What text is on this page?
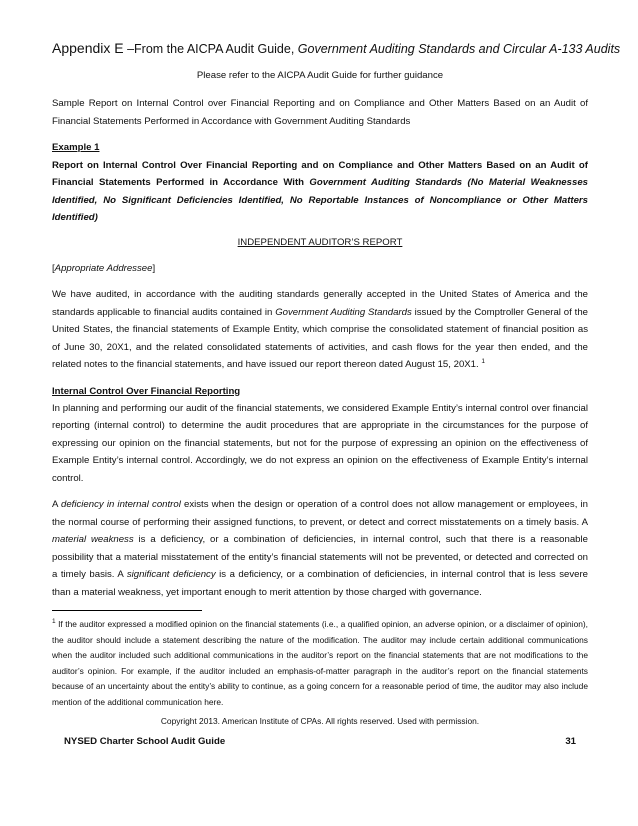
Appendix E –From the AICPA Audit Guide, Government Auditing Standards and Circular A-133 Audits
Please refer to the AICPA Audit Guide for further guidance

Sample Report on Internal Control over Financial Reporting and on Compliance and Other Matters Based on an Audit of Financial Statements Performed in Accordance with Government Auditing Standards

Example 1
Report on Internal Control Over Financial Reporting and on Compliance and Other Matters Based on an Audit of Financial Statements Performed in Accordance With Government Auditing Standards (No Material Weaknesses Identified, No Significant Deficiencies Identified, No Reportable Instances of Noncompliance or Other Matters Identified)
INDEPENDENT AUDITOR’S REPORT

[Appropriate Addressee]

We have audited, in accordance with the auditing standards generally accepted in the United States of America and the standards applicable to financial audits contained in Government Auditing Standards issued by the Comptroller General of the United States, the financial statements of Example Entity, which comprise the consolidated statement of financial position as of June 30, 20X1, and the related consolidated statements of activities, and cash flows for the year then ended, and the related notes to the financial statements, and have issued our report thereon dated August 15, 20X1. $^1$

Internal Control Over Financial Reporting

In planning and performing our audit of the financial statements, we considered Example Entity’s internal control over financial reporting (internal control) to determine the audit procedures that are appropriate in the circumstances for the purpose of expressing our opinion on the financial statements, but not for the purpose of expressing an opinion on the effectiveness of Example Entity’s internal control. Accordingly, we do not express an opinion on the effectiveness of Example Entity’s internal control.

A deficiency in internal control exists when the design or operation of a control does not allow management or employees, in the normal course of performing their assigned functions, to prevent, or detect and correct misstatements on a timely basis. A material weakness is a deficiency, or a combination of deficiencies, in internal control, such that there is a reasonable possibility that a material misstatement of the entity’s financial statements will not be prevented, or detected and corrected on a timely basis. A significant deficiency is a deficiency, or a combination of deficiencies, in internal control that is less severe than a material weakness, yet important enough to merit attention by those charged with governance.

$^1$ If the auditor expressed a modified opinion on the financial statements (i.e., a qualified opinion, an adverse opinion, or a disclaimer of opinion), the auditor should include a statement describing the nature of the modification. The auditor may include certain additional communications when the auditor included such additional communications in the auditor’s report on the financial statements that are not modifications to the auditor’s opinion. For example, if the auditor included an emphasis-of-matter paragraph in the auditor’s report on the financial statements because of an uncertainty about the entity’s ability to continue, as a going concern for a reasonable period of time, the auditor may also include mention of the additional communication here.
Copyright 2013. American Institute of CPAs. All rights reserved. Used with permission.
NYSED Charter School Audit Guide	31
